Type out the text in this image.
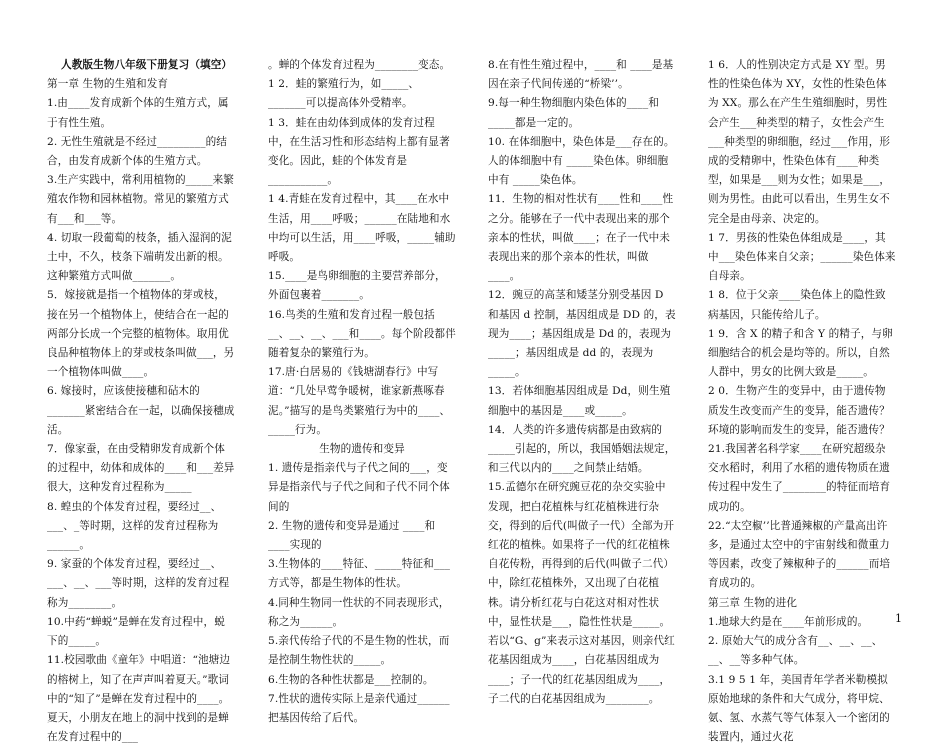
人教版生物八年级下册复习（填空）

第一章 生物的生殖和发育

1.由____发育成新个体的生殖方式，属于有性生殖。

2. 无性生殖就是不经过_________的结合，由发育成新个体的生殖方式。

3.生产实践中，常利用植物的_____来繁殖农作物和园林植物。常见的繁殖方式有___和___等。

4. 切取一段葡萄的枝条，插入湿润的泥土中，不久，枝条下端萌发出新的根。这种繁殖方式叫做_______。

5．嫁接就是指一个植物体的芽或枝，接在另一个植物体上，使结合在一起的两部分长成一个完整的植物体。取用优良品种植物体上的芽或枝条叫做___，另一个植物体叫做____。

6. 嫁接时，应该使接穗和砧木的_______紧密结合在一起，以确保接穗成活。

7．像家蚕，在由受精卵发育成新个体的过程中，幼体和成体的____和___差异很大，这种发育过程称为_____

8. 蝗虫的个体发育过程，要经过__、___、_等时期，这样的发育过程称为______。

9. 家蚕的个体发育过程，要经过__、___、__、___等时期，这样的发育过程称为________。

10.中药“蝉蜕”是蝉在发育过程中，蜕下的_____。

11.校园歌曲《童年》中唱道：“池塘边的榕树上，知了在声声叫着夏天。”歌词中的“知了”是蝉在发育过程中的____。夏天，小朋友在地上的洞中找到的是蝉在发育过程中的___

。蝉的个体发育过程为________变态。

1 2．蛙的繁殖行为，如_____、_______可以提高体外受精率。

1 3．蛙在由幼体到成体的发育过程中，在生活习性和形态结构上都有显著变化。因此，蛙的个体发育是___________。

1 4.青蛙在发育过程中，其____在水中生活，用____呼吸；______在陆地和水中均可以生活，用____呼吸，_____辅助呼吸。

15.____是鸟卵细胞的主要营养部分，外面包裹着_______。

16.鸟类的生殖和发育过程一般包括 __、__、__、___和____。每个阶段都伴随着复杂的繁殖行为。

17.唐·白居易的《钱塘湖春行》中写道：“几处早莺争暖树，谁家新燕啄春泥。”描写的是鸟类繁殖行为中的____、_____行为。

生物的遗传和变异

1. 遗传是指亲代与子代之间的___，变异是指亲代与子代之间和子代不同个体间的

2. 生物的遗传和变异是通过 ____和 ____实现的

3.生物体的____特征、_____特征和___方式等，都是生物体的性状。

4.同种生物同一性状的不同表现形式，称之为______。

5.亲代传给子代的不是生物的性状，而是控制生物性状的_____。

6.生物的各种性状都是___控制的。

7.性状的遗传实际上是亲代通过______把基因传给了后代。

8.在有性生殖过程中，____和 ____是基因在亲子代间传递的“桥梁’’。

9.每一种生物细胞内染色体的____和 _____都是一定的。

10. 在体细胞中，染色体是___存在的。人的体细胞中有 _____染色体。卵细胞中有 _____染色体。

11．生物的相对性状有____性和____性之分。能够在子一代中表现出来的那个亲本的性状，叫做____；在子一代中未表现出来的那个亲本的性状，叫做____。

12．豌豆的高茎和矮茎分别受基因 D 和基因 d 控制，基因组成是 DD 的，表现为____；基因组成是 Dd 的，表现为_____；基因组成是 dd 的，表现为_____。

13．若体细胞基因组成是 Dd，则生殖细胞中的基因是____或_____。

14．人类的许多遗传病都是由致病的_____引起的，所以，我国婚姻法规定，

和三代以内的____之间禁止结婚。

15.孟德尔在研究豌豆花的杂交实验中发现，把白花植株与红花植株进行杂交，得到的后代(叫做子一代）全部为开红花的植株。如果将子一代的红花植株自花传粉，再得到的后代(叫做子二代）中，除红花植株外，又出现了白花植株。请分析红花与白花这对相对性状中，显性状是___，隐性性状是_____。若以“G、g”来表示这对基因，则亲代红花基因组成为____，白花基因组成为____；子一代的红花基因组成为____，子二代的白花基因组成为________。

1 6．人的性别决定方式是 XY 型。男性的性染色体为 XY，女性的性染色体为 XX。那么在产生生殖细胞时，男性会产生___种类型的精子，女性会产生___种类型的卵细胞，经过___作用，形成的受精卵中，性染色体有____种类型，如果是___则为女性；如果是___，则为男性。由此可以看出，生男生女不完全是由母亲、决定的。

1 7．男孩的性染色体组成是____，其中___染色体来自父亲；______染色体来自母亲。

1 8．位于父亲____染色体上的隐性致病基因，只能传给儿子。

1 9．含 X 的精子和含 Y 的精子，与卵细胞结合的机会是均等的。所以，自然人群中，男女的比例大致是_____。

2 0．生物产生的变异中，由于遗传物质发生改变而产生的变异，能否遗传？

环境的影响而发生的变异，能否遗传？

21.我国著名科学家____在研究超级杂交水稻时，利用了水稻的遗传物质在遗传过程中发生了________的特征而培育成功的。

22.“太空椒’’比普通辣椒的产量高出许多，是通过太空中的宇宙射线和微重力等因素，改变了辣椒种子的______而培育成功的。

第三章 生物的进化

1.地球大约是在____年前形成的。

2. 原始大气的成分含有__、__、__、__、__等多种气体。

3.1 9 5 1 年，美国青年学者米勒模拟原始地球的条件和大气成分，将甲烷、氨、氢、水蒸气等气体泵入一个密闭的装置内，通过火花

1
